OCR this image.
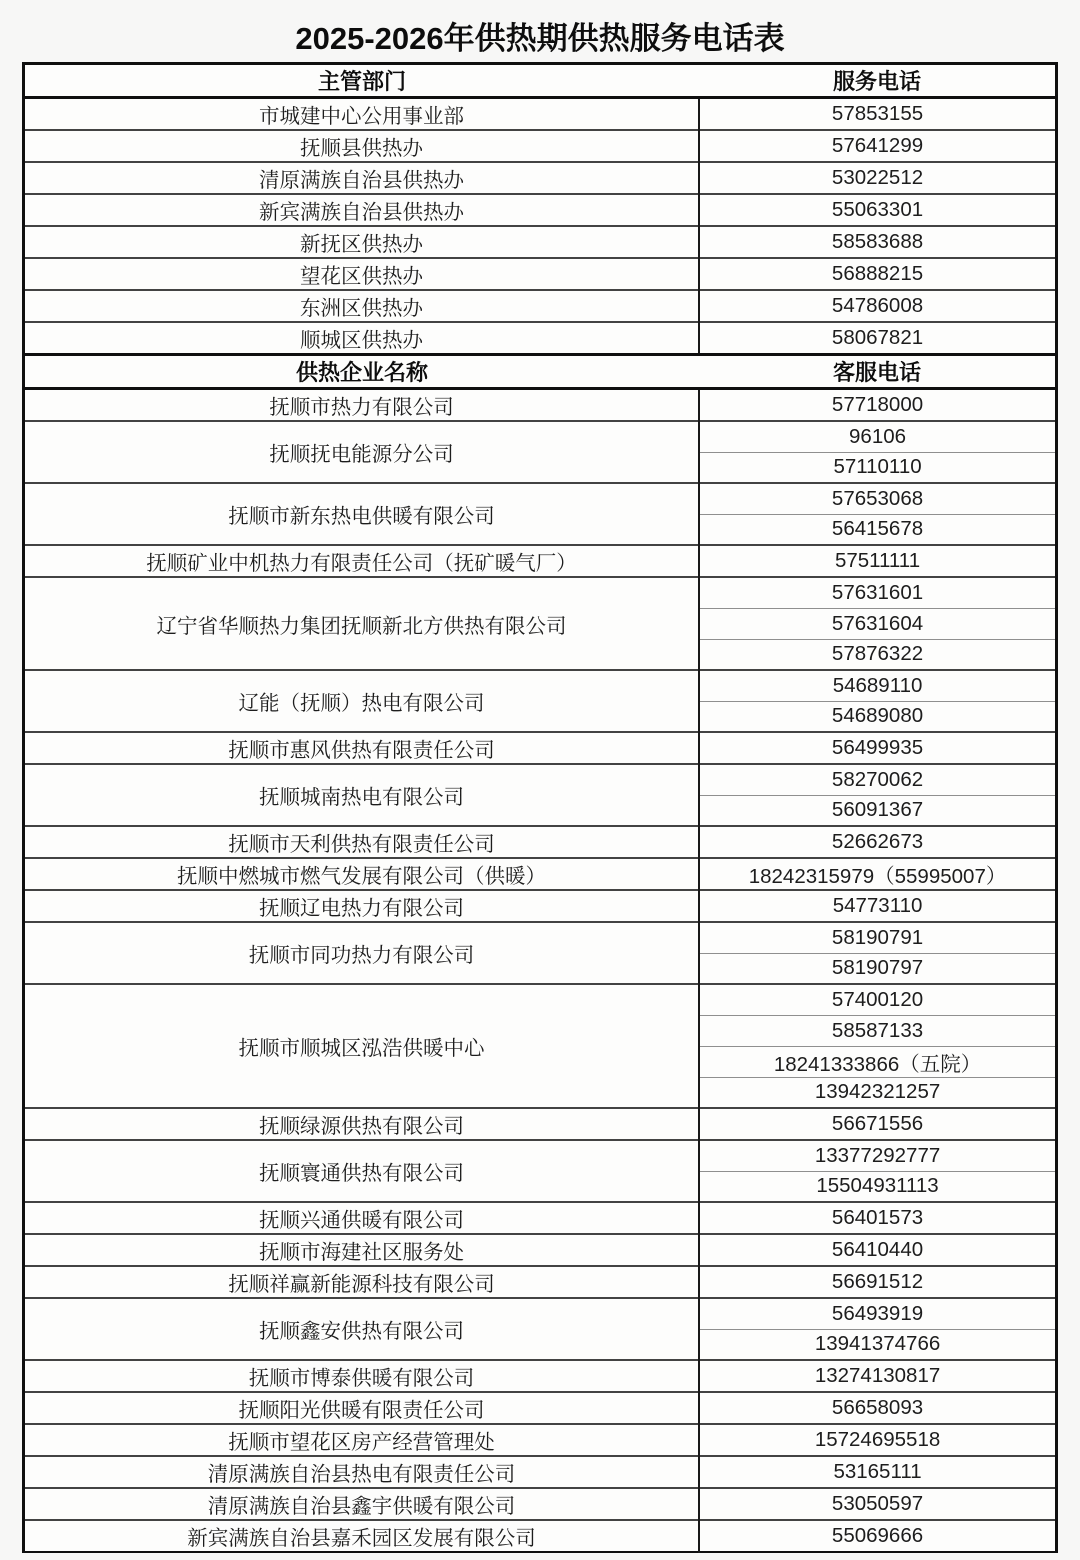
2025-2026年供热期供热服务电话表
主管部门	服务电话
市城建中心公用事业部	57853155
抚顺县供热办	57641299
清原满族自治县供热办	53022512
新宾满族自治县供热办	55063301
新抚区供热办	58583688
望花区供热办	56888215
东洲区供热办	54786008
顺城区供热办	58067821
供热企业名称	客服电话
抚顺市热力有限公司	57718000
抚顺抚电能源分公司	96106
	57110110
抚顺市新东热电供暖有限公司	57653068
	56415678
抚顺矿业中机热力有限责任公司（抚矿暖气厂）	57511111
辽宁省华顺热力集团抚顺新北方供热有限公司	57631601
	57631604
	57876322
辽能（抚顺）热电有限公司	54689110
	54689080
抚顺市惠风供热有限责任公司	56499935
抚顺城南热电有限公司	58270062
	56091367
抚顺市天利供热有限责任公司	52662673
抚顺中燃城市燃气发展有限公司（供暖）	18242315979（55995007）
抚顺辽电热力有限公司	54773110
抚顺市同功热力有限公司	58190791
	58190797
抚顺市顺城区泓浩供暖中心	57400120
	58587133
	18241333866（五院）
	13942321257
抚顺绿源供热有限公司	56671556
抚顺寰通供热有限公司	13377292777
	15504931113
抚顺兴通供暖有限公司	56401573
抚顺市海建社区服务处	56410440
抚顺祥赢新能源科技有限公司	56691512
抚顺鑫安供热有限公司	56493919
	13941374766
抚顺市博泰供暖有限公司	13274130817
抚顺阳光供暖有限责任公司	56658093
抚顺市望花区房产经营管理处	15724695518
清原满族自治县热电有限责任公司	53165111
清原满族自治县鑫宇供暖有限公司	53050597
新宾满族自治县嘉禾园区发展有限公司	55069666
